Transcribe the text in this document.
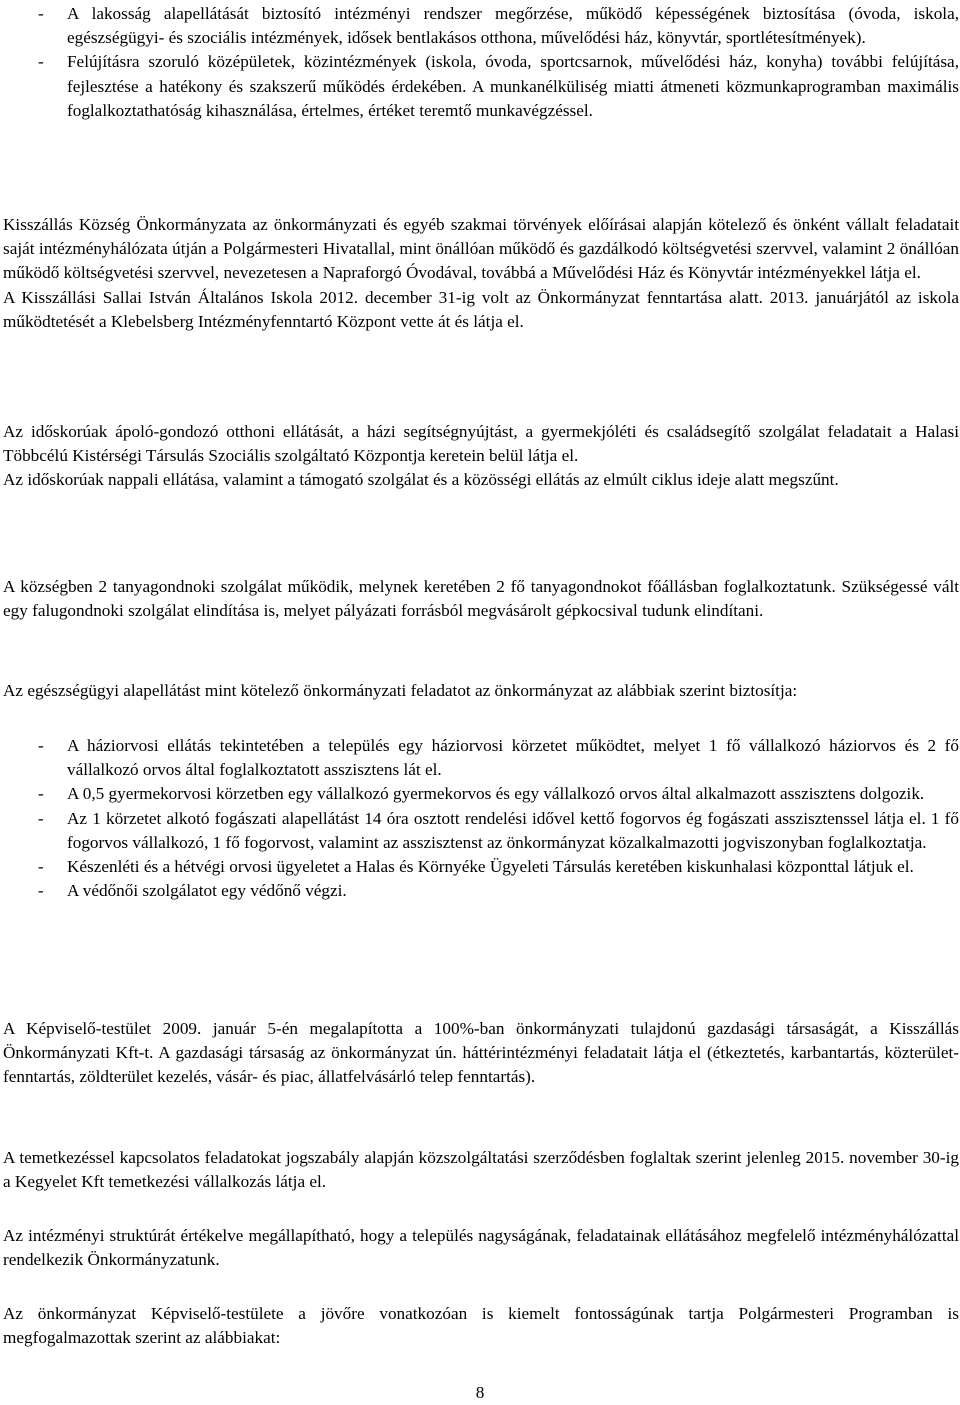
- A lakosság alapellátását biztosító intézményi rendszer megőrzése, működő képességének biztosítása (óvoda, iskola, egészségügyi- és szociális intézmények, idősek bentlakásos otthona, művelődési ház, könyvtár, sportlétesítmények).
- Felújításra szoruló középületek, közintézmények (iskola, óvoda, sportcsarnok, művelődési ház, konyha) további felújítása, fejlesztése a hatékony és szakszerű működés érdekében. A munkanélküliség miatti átmeneti közmunkaprogramban maximális foglalkoztathatóság kihasználása, értelmes, értéket teremtő munkavégzéssel.

Kisszállás Község Önkormányzata az önkormányzati és egyéb szakmai törvények előírásai alapján kötelező és önként vállalt feladatait saját intézményhálózata útján a Polgármesteri Hivatallal, mint önállóan működő és gazdálkodó költségvetési szervvel, valamint 2 önállóan működő költségvetési szervvel, nevezetesen a Napraforgó Óvodával, továbbá a Művelődési Ház és Könyvtár intézményekkel látja el.

A Kisszállási Sallai István Általános Iskola 2012. december 31-ig volt az Önkormányzat fenntartása alatt. 2013. januárjától az iskola működtetését a Klebelsberg Intézményfenntartó Központ vette át és látja el.

Az időskorúak ápoló-gondozó otthoni ellátását, a házi segítségnyújtást, a gyermekjóléti és családsegítő szolgálat feladatait a Halasi Többcélú Kistérségi Társulás Szociális szolgáltató Központja keretein belül látja el.

Az időskorúak nappali ellátása, valamint a támogató szolgálat és a közösségi ellátás az elmúlt ciklus ideje alatt megszűnt.

A községben 2 tanyagondnoki szolgálat működik, melynek keretében 2 fő tanyagondnokot főállásban foglalkoztatunk. Szükségessé vált egy falugondnoki szolgálat elindítása is, melyet pályázati forrásból megvásárolt gépkocsival tudunk elindítani.

Az egészségügyi alapellátást mint kötelező önkormányzati feladatot az önkormányzat az alábbiak szerint biztosítja:

- A háziorvosi ellátás tekintetében a település egy háziorvosi körzetet működtet, melyet 1 fő vállalkozó háziorvos és 2 fő vállalkozó orvos által foglalkoztatott asszisztens lát el.
- A 0,5 gyermekorvosi körzetben egy vállalkozó gyermekorvos és egy vállalkozó orvos által alkalmazott asszisztens dolgozik.
- Az 1 körzetet alkotó fogászati alapellátást 14 óra osztott rendelési idővel kettő fogorvos ég fogászati asszisztenssel látja el. 1 fő fogorvos vállalkozó, 1 fő fogorvost, valamint az asszisztenst az önkormányzat közalkalmazotti jogviszonyban foglalkoztatja.
- Készenléti és a hétvégi orvosi ügyeletet a Halas és Környéke Ügyeleti Társulás keretében kiskunhalasi központtal látjuk el.
- A védőnői szolgálatot egy védőnő végzi.

A Képviselő-testület 2009. január 5-én megalapította a 100%-ban önkormányzati tulajdonú gazdasági társaságát, a Kisszállás Önkormányzati Kft-t. A gazdasági társaság az önkormányzat ún. háttérintézményi feladatait látja el (étkeztetés, karbantartás, közterület-fenntartás, zöldterület kezelés, vásár- és piac, állatfelvásárló telep fenntartás).

A temetkezéssel kapcsolatos feladatokat jogszabály alapján közszolgáltatási szerződésben foglaltak szerint jelenleg 2015. november 30-ig a Kegyelet Kft temetkezési vállalkozás látja el.

Az intézményi struktúrát értékelve megállapítható, hogy a település nagyságának, feladatainak ellátásához megfelelő intézményhálózattal rendelkezik Önkormányzatunk.

Az önkormányzat Képviselő-testülete a jövőre vonatkozóan is kiemelt fontosságúnak tartja Polgármesteri Programban is megfogalmazottak szerint az alábbiakat:

8
